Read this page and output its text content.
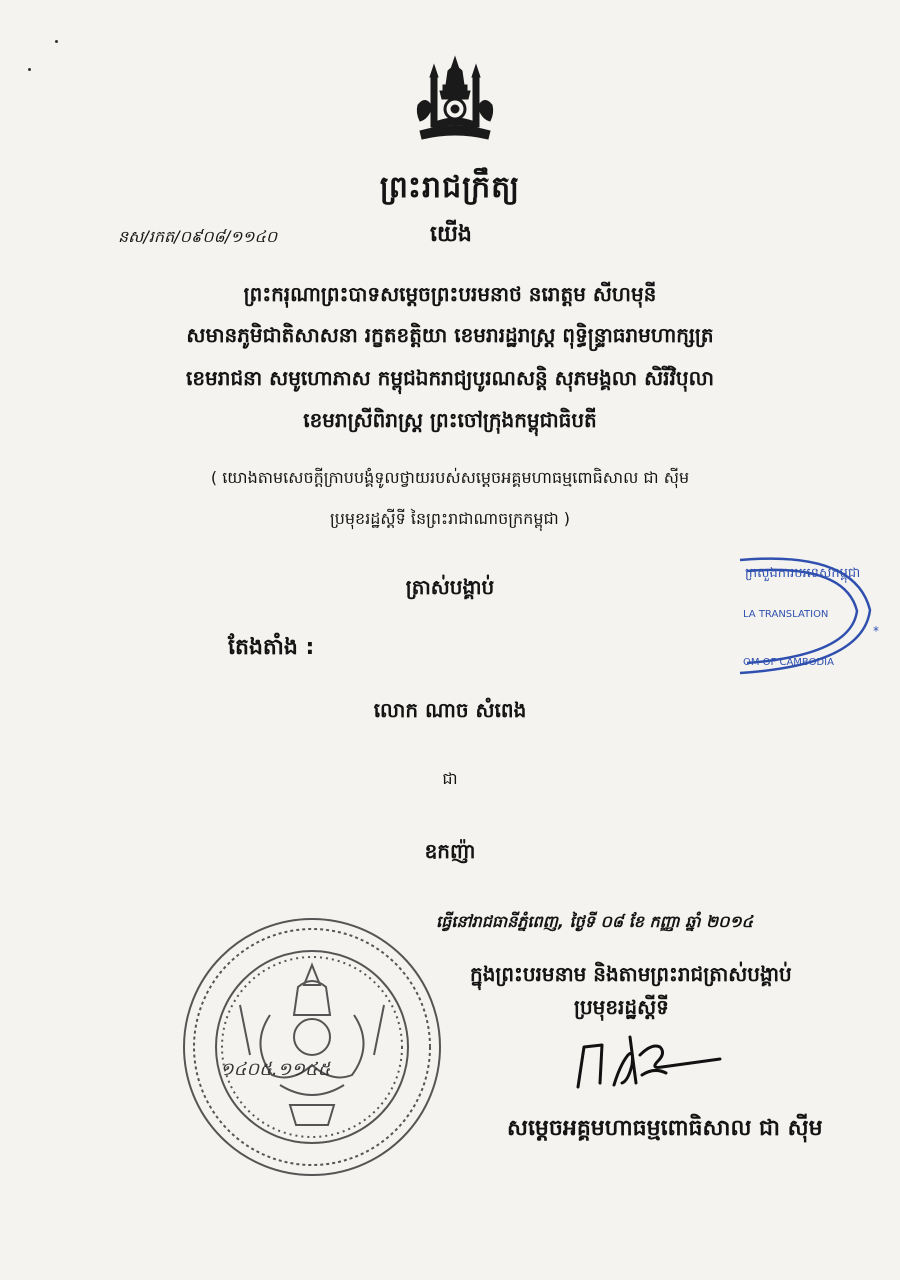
ព្រះរាជក្រឹត្យ
នស/រកត/០៩០៨/១១៤០	យើង
ព្រះករុណាព្រះបាទសម្តេចព្រះបរមនាថ នរោត្តម សីហមុនី
សមានភូមិជាតិសាសនា រក្ខតខត្តិយា ខេមរារដ្ឋរាស្ត្រ ពុទ្ធិន្ទ្រាធរាមហាក្សត្រ
ខេមរាជនា សមូហោភាស កម្ពុជឯករាជ្យបូរណសន្តិ សុភមង្គលា សិរីវិបុលា
ខេមរាស្រីពិរាស្ត្រ ព្រះចៅក្រុងកម្ពុជាធិបតី
( យោងតាមសេចក្តីក្រាបបង្គំទូលថ្វាយរបស់សម្តេចអគ្គមហាធម្មពោធិសាល ជា ស៊ីម
ប្រមុខរដ្ឋស្តីទី នៃព្រះរាជាណាចក្រកម្ពុជា )
ត្រាស់បង្គាប់
តែងតាំង :
លោក ណាច សំពេង
ជា
ឧកញ៉ា
ធ្វើនៅរាជធានីភ្នំពេញ, ថ្ងៃទី ០៨ ខែ កញ្ញា ឆ្នាំ ២០១៤
ក្នុងព្រះបរមនាម និងតាមព្រះរាជត្រាស់បង្គាប់
ប្រមុខរដ្ឋស្តីទី
សម្តេចអគ្គមហាធម្មពោធិសាល ជា ស៊ីម
ក្រសួងការបរទេសកម្ពុជា
LA TRANSLATION
OM OF CAMBODIA
*
១៤០៥.១១៤៥
